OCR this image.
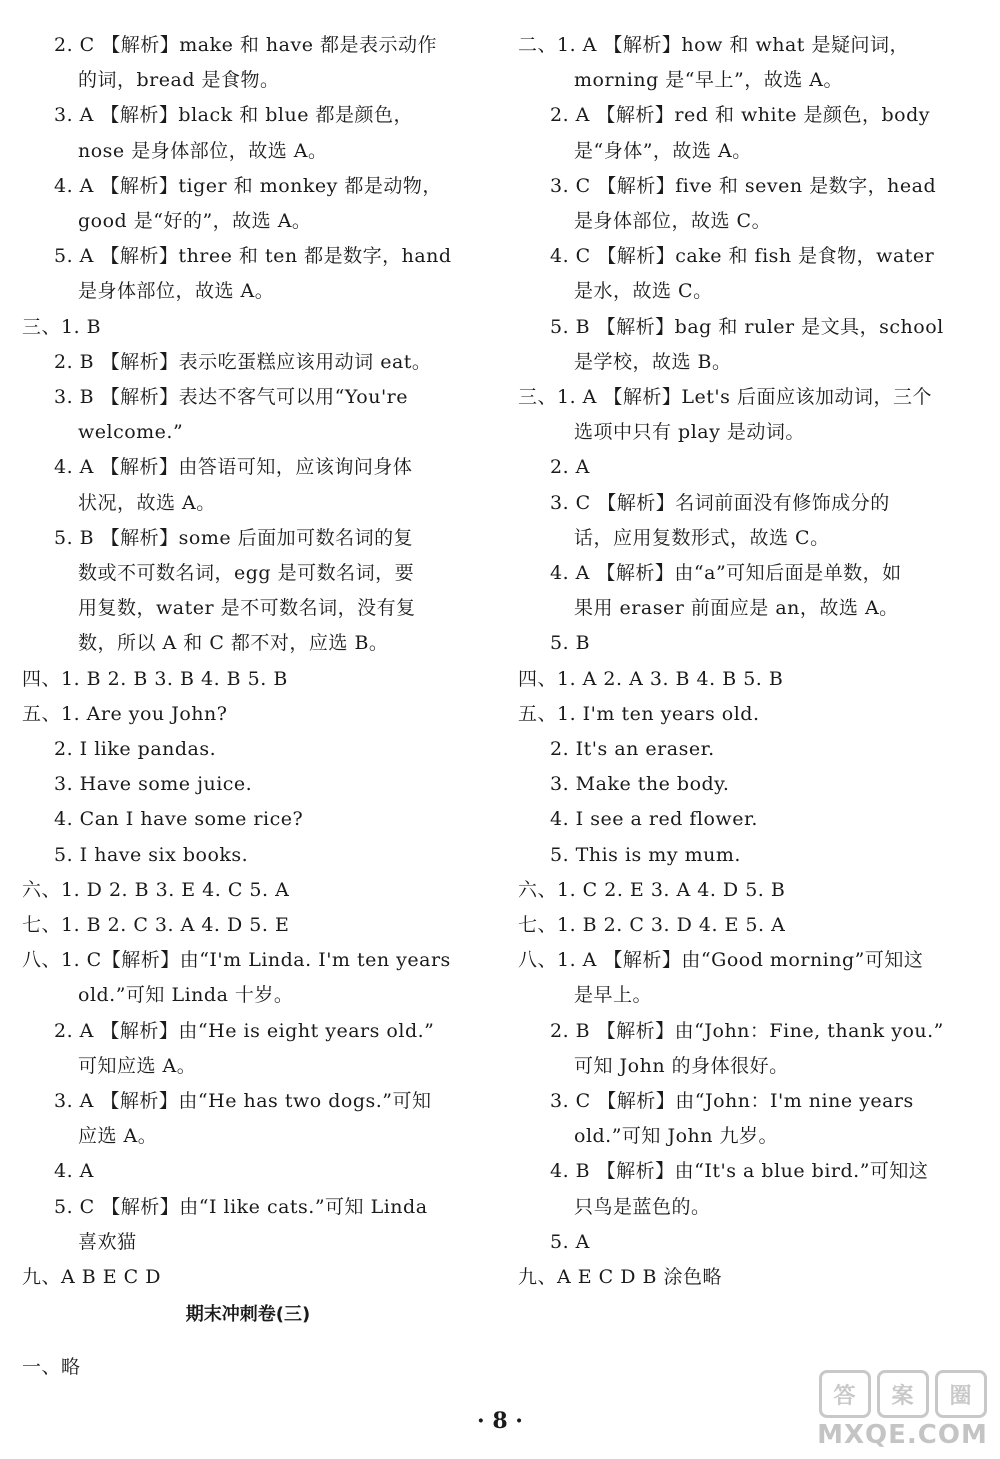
2. C 【解析】make 和 have 都是表示动作
的词，bread 是食物。
3. A 【解析】black 和 blue 都是颜色，
nose 是身体部位，故选 A。
4. A 【解析】tiger 和 monkey 都是动物，
good 是“好的”，故选 A。
5. A 【解析】three 和 ten 都是数字，hand
是身体部位，故选 A。
三、1. B
2. B 【解析】表示吃蛋糕应该用动词 eat。
3. B 【解析】表达不客气可以用“You're
welcome.”
4. A 【解析】由答语可知，应该询问身体
状况，故选 A。
5. B 【解析】some 后面加可数名词的复
数或不可数名词，egg 是可数名词，要
用复数，water 是不可数名词，没有复
数，所以 A 和 C 都不对，应选 B。
四、1. B 2. B 3. B 4. B 5. B
五、1. Are you John?
2. I like pandas.
3. Have some juice.
4. Can I have some rice?
5. I have six books.
六、1. D 2. B 3. E 4. C 5. A
七、1. B 2. C 3. A 4. D 5. E
八、1. C【解析】由“I'm Linda. I'm ten years
old.”可知 Linda 十岁。
2. A 【解析】由“He is eight years old.”
可知应选 A。
3. A 【解析】由“He has two dogs.”可知
应选 A。
4. A
5. C 【解析】由“I like cats.”可知 Linda
喜欢猫
九、A B E C D
二、1. A 【解析】how 和 what 是疑问词，
morning 是“早上”，故选 A。
2. A 【解析】red 和 white 是颜色，body
是“身体”，故选 A。
3. C 【解析】five 和 seven 是数字，head
是身体部位，故选 C。
4. C 【解析】cake 和 fish 是食物，water
是水，故选 C。
5. B 【解析】bag 和 ruler 是文具，school
是学校，故选 B。
三、1. A 【解析】Let's 后面应该加动词，三个
选项中只有 play 是动词。
2. A
3. C 【解析】名词前面没有修饰成分的
话，应用复数形式，故选 C。
4. A 【解析】由“a”可知后面是单数，如
果用 eraser 前面应是 an，故选 A。
5. B
四、1. A 2. A 3. B 4. B 5. B
五、1. I'm ten years old.
2. It's an eraser.
3. Make the body.
4. I see a red flower.
5. This is my mum.
六、1. C 2. E 3. A 4. D 5. B
七、1. B 2. C 3. D 4. E 5. A
八、1. A 【解析】由“Good morning”可知这
是早上。
2. B 【解析】由“John：Fine, thank you.”
可知 John 的身体很好。
3. C 【解析】由“John：I'm nine years
old.”可知 John 九岁。
4. B 【解析】由“It's a blue bird.”可知这
只鸟是蓝色的。
5. A
九、A E C D B 涂色略
期末冲刺卷(三)
一、略
· 8 ·
答	案	圈
MXQE.COM
